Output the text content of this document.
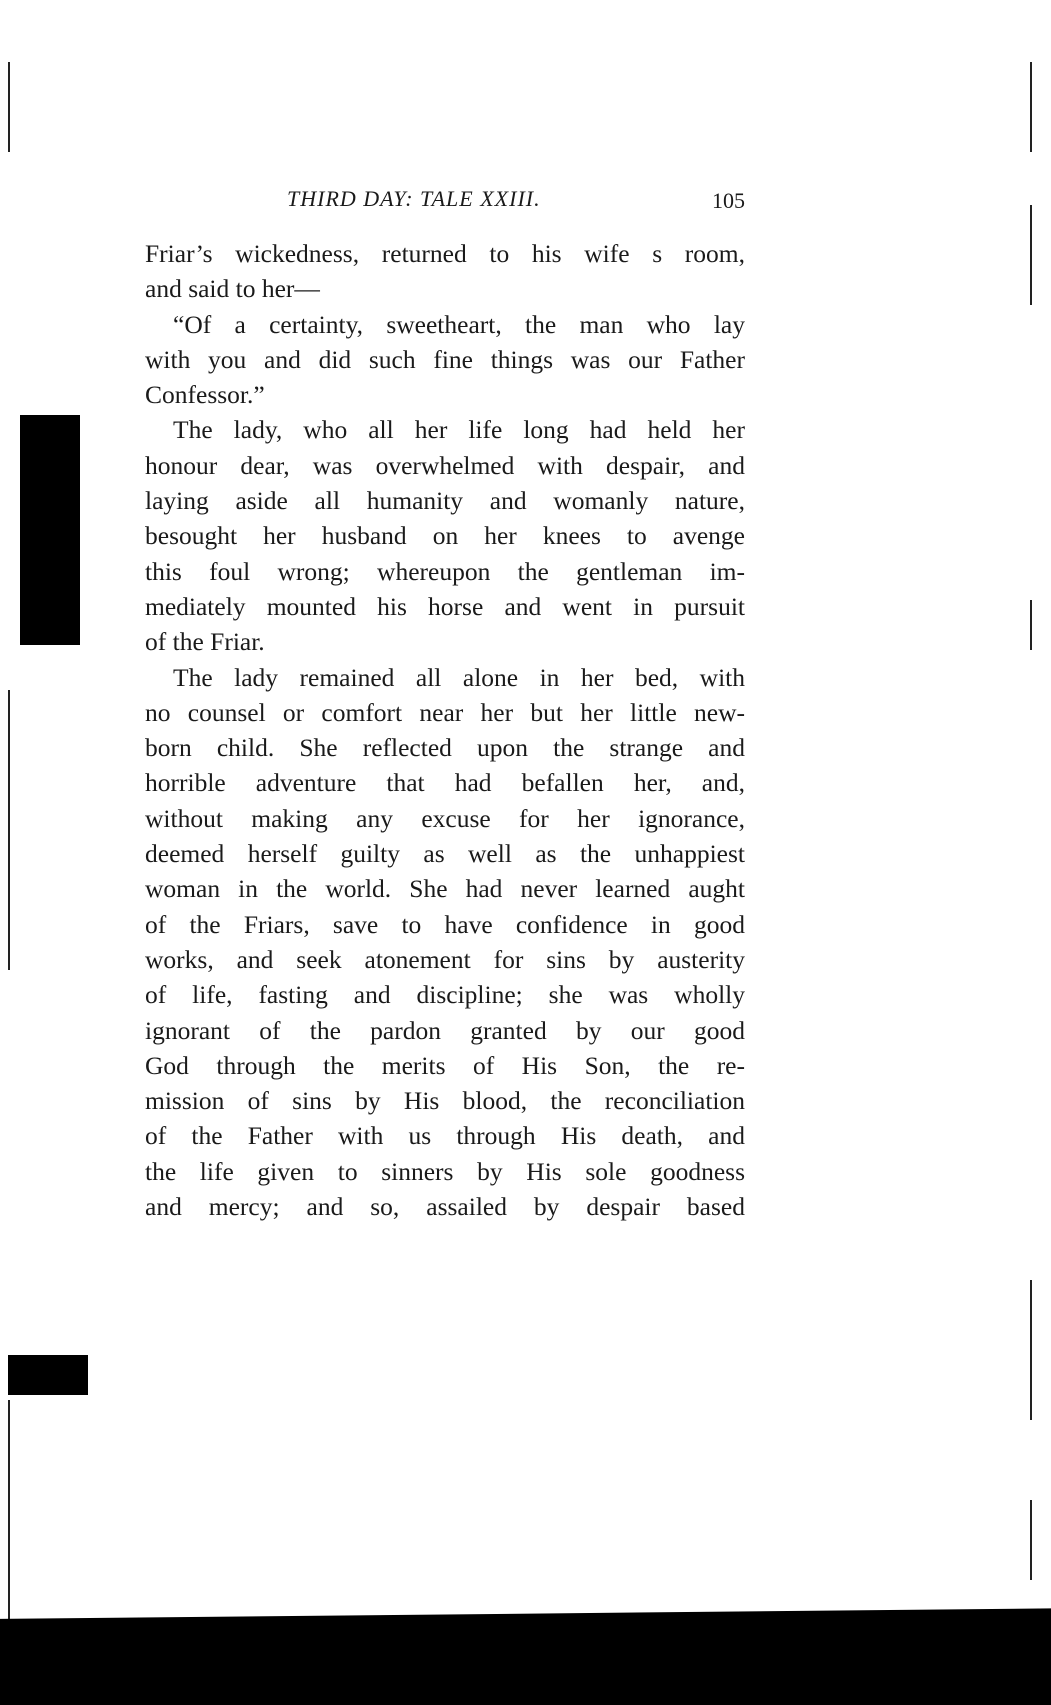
THIRD DAY: TALE XXIII.	105
Friar’s wickedness, returned to his wife s room,
and said to her—
“Of a certainty, sweetheart, the man who lay
with you and did such fine things was our Father
Confessor.”
The lady, who all her life long had held her
honour dear, was overwhelmed with despair, and
laying aside all humanity and womanly nature,
besought her husband on her knees to avenge
this foul wrong; whereupon the gentleman im-
mediately mounted his horse and went in pursuit
of the Friar.
The lady remained all alone in her bed, with
no counsel or comfort near her but her little new-
born child. She reflected upon the strange and
horrible adventure that had befallen her, and,
without making any excuse for her ignorance,
deemed herself guilty as well as the unhappiest
woman in the world. She had never learned aught
of the Friars, save to have confidence in good
works, and seek atonement for sins by austerity
of life, fasting and discipline; she was wholly
ignorant of the pardon granted by our good
God through the merits of His Son, the re-
mission of sins by His blood, the reconciliation
of the Father with us through His death, and
the life given to sinners by His sole goodness
and mercy; and so, assailed by despair based
